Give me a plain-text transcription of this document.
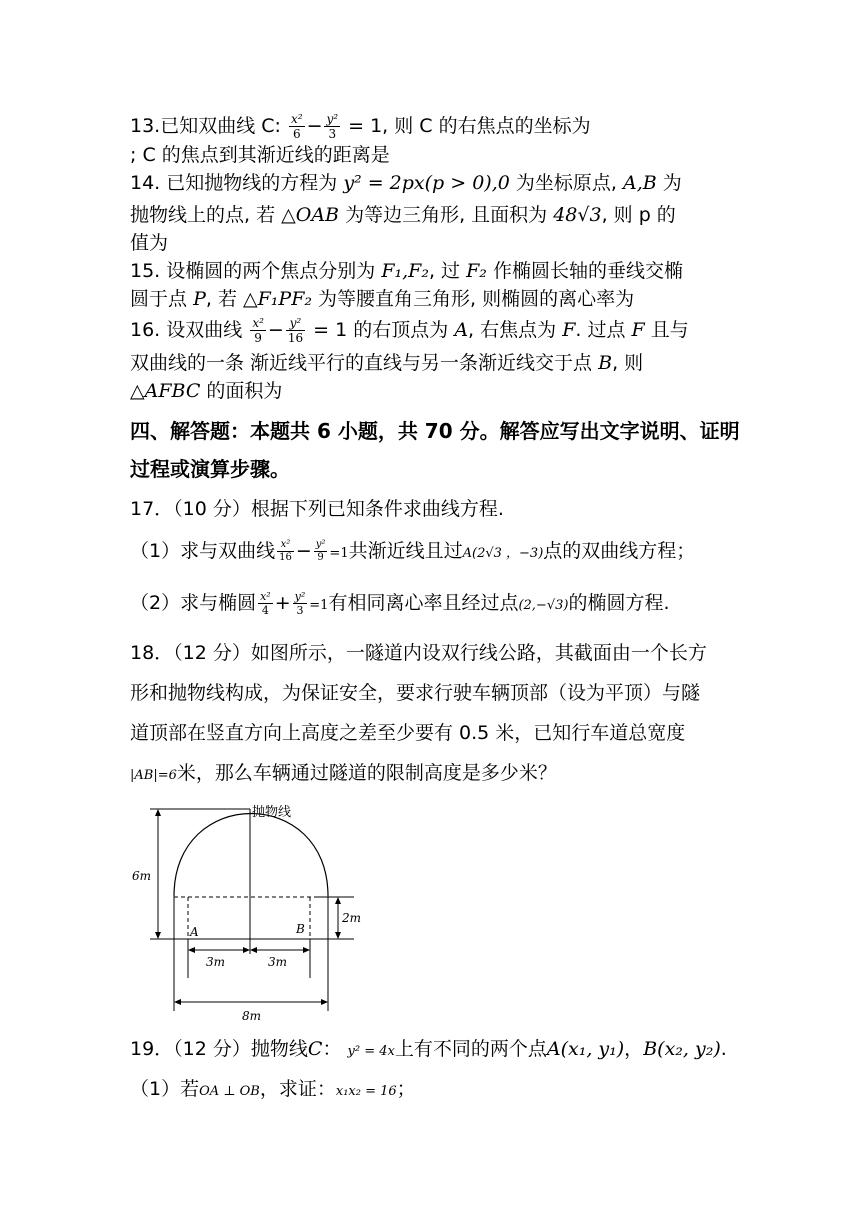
13.已知双曲线 C: $\frac{\text{x²}}{6} - \frac{\text{y²}}{3} = 1$, 则 C 的右焦点的坐标为
; C 的焦点到其渐近线的距离是
14. 已知抛物线的方程为 y² = 2px(p > 0),0 为坐标原点, A,B 为
抛物线上的点, 若 △OAB 为等边三角形, 且面积为 48√3, 则 p 的
值为
15. 设椭圆的两个焦点分别为 F₁,F₂, 过 F₂ 作椭圆长轴的垂线交椭
圆于点 P, 若 △F₁PF₂ 为等腰直角三角形, 则椭圆的离心率为
16. 设双曲线 $\frac{\text{x²}}{9} - \frac{\text{y²}}{16} = 1$ 的右顶点为 A, 右焦点为 F. 过点 F 且与
双曲线的一条 渐近线平行的直线与另一条渐近线交于点 B, 则
△AFBC 的面积为
四、解答题：本题共 6 小题，共 70 分。解答应写出文字说明、证明
过程或演算步骤。
17．（10 分）根据下列已知条件求曲线方程.
（1）求与双曲线 $\frac{\text{x²}}{16} - \frac{\text{y²}}{9} =1$共渐近线且过A(2√3 ，−3)点的双曲线方程；
（2）求与椭圆 $\frac{\text{x²}}{4} + \frac{\text{y²}}{3} =1$有相同离心率且经过点(2,−√3)的椭圆方程.
18．（12 分）如图所示，一隧道内设双行线公路，其截面由一个长方
形和抛物线构成，为保证安全，要求行驶车辆顶部（设为平顶）与隧
道顶部在竖直方向上高度之差至少要有 0.5 米，已知行车道总宽度
|AB|=6米，那么车辆通过隧道的限制高度是多少米？
抛物线
6m
2m
A	B
3m	3m
8m
19．（12 分）抛物线C： y² = 4x上有不同的两个点A(x₁, y₁)，B(x₂, y₂).
（1）若OA ⊥ OB，求证：x₁x₂ = 16；
